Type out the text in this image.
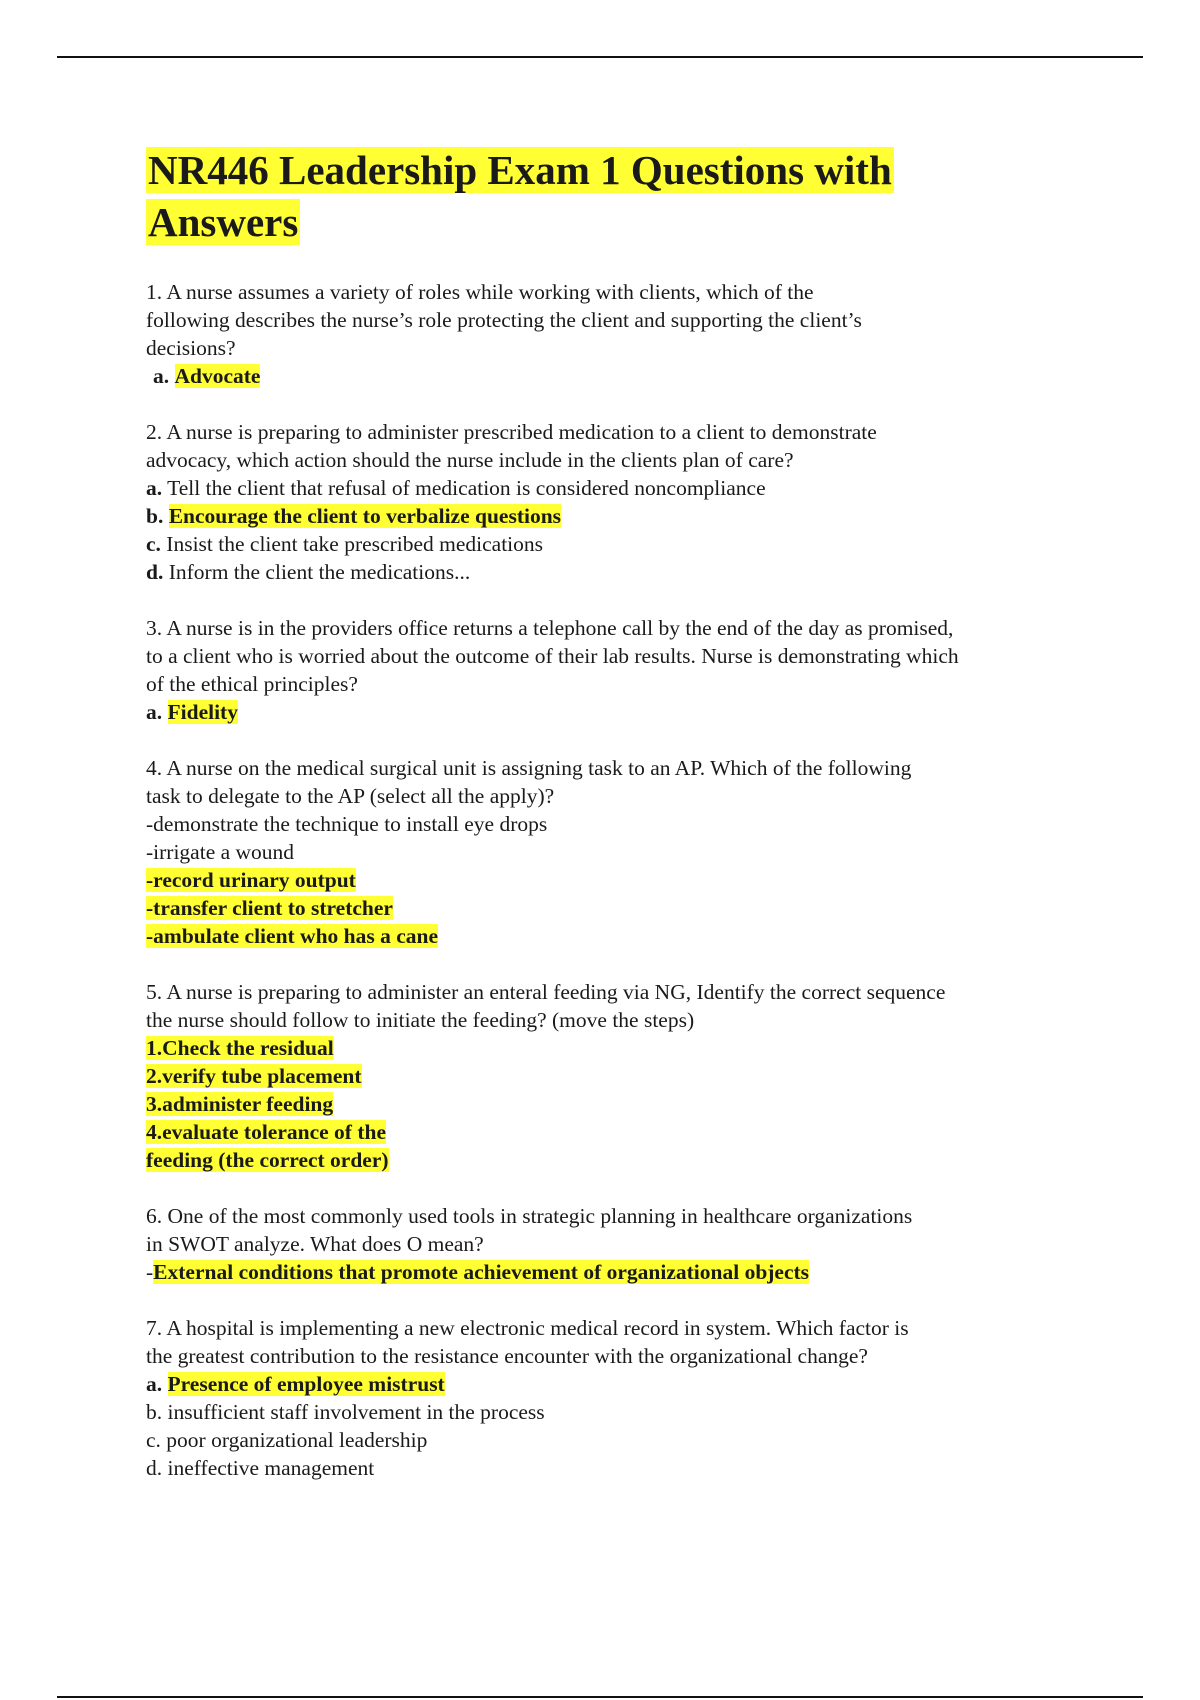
NR446 Leadership Exam 1 Questions with
Answers
1. A nurse assumes a variety of roles while working with clients, which of the
following describes the nurse’s role protecting the client and supporting the client’s
decisions?
a. Advocate
2. A nurse is preparing to administer prescribed medication to a client to demonstrate
advocacy, which action should the nurse include in the clients plan of care?
a. Tell the client that refusal of medication is considered noncompliance
b. Encourage the client to verbalize questions
c. Insist the client take prescribed medications
d. Inform the client the medications...
3. A nurse is in the providers office returns a telephone call by the end of the day as promised,
to a client who is worried about the outcome of their lab results. Nurse is demonstrating which
of the ethical principles?
a. Fidelity
4. A nurse on the medical surgical unit is assigning task to an AP. Which of the following
task to delegate to the AP (select all the apply)?
-demonstrate the technique to install eye drops
-irrigate a wound
-record urinary output
-transfer client to stretcher
-ambulate client who has a cane
5. A nurse is preparing to administer an enteral feeding via NG, Identify the correct sequence
the nurse should follow to initiate the feeding? (move the steps)
1.Check the residual
2.verify tube placement
3.administer feeding
4.evaluate tolerance of the
feeding (the correct order)
6. One of the most commonly used tools in strategic planning in healthcare organizations
in SWOT analyze. What does O mean?
-External conditions that promote achievement of organizational objects
7. A hospital is implementing a new electronic medical record in system. Which factor is
the greatest contribution to the resistance encounter with the organizational change?
a. Presence of employee mistrust
b. insufficient staff involvement in the process
c. poor organizational leadership
d. ineffective management
